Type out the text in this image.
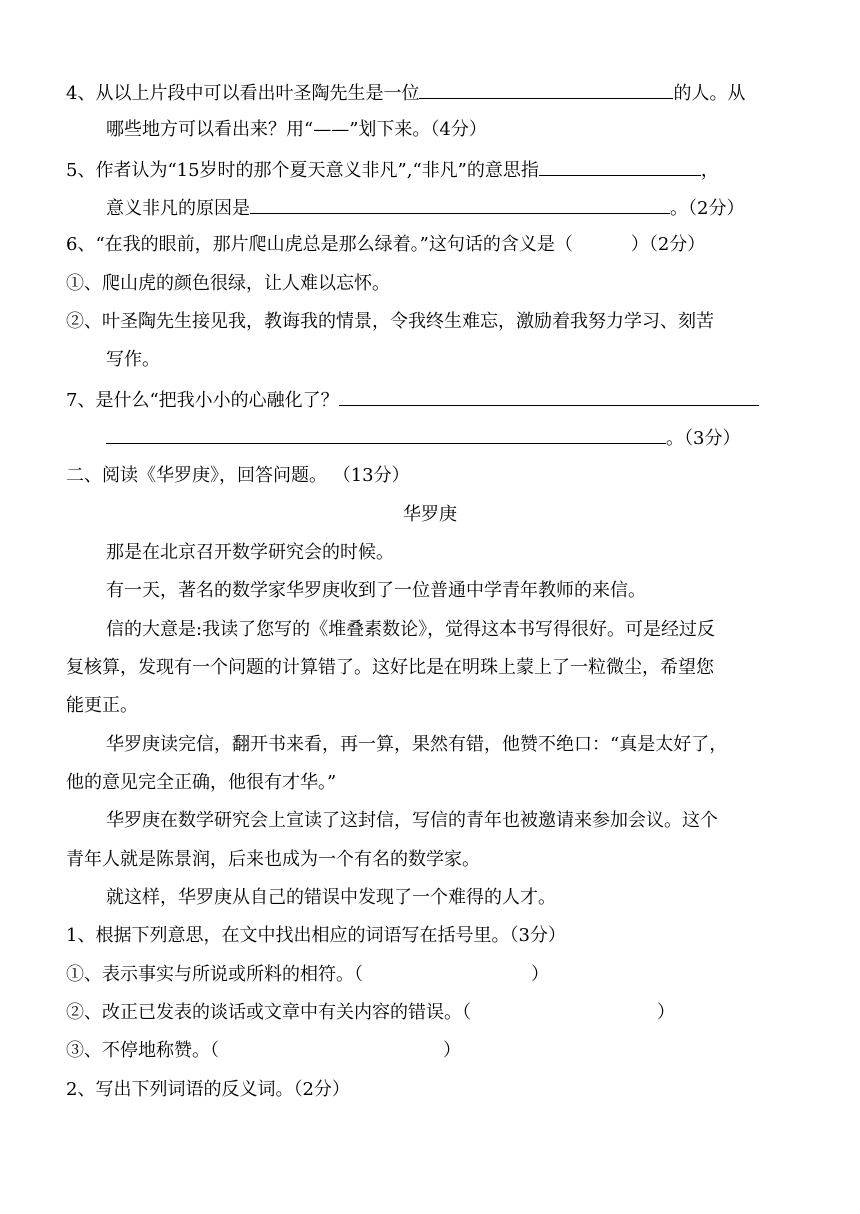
4、从以上片段中可以看出叶圣陶先生是一位	的人。从
哪些地方可以看出来？用“——”划下来。（4分）
5、作者认为“15岁时的那个夏天意义非凡”,“非凡”的意思指	，
意义非凡的原因是	。（2分）
6、“在我的眼前，那片爬山虎总是那么绿着。”这句话的含义是（	）（2分）
①、爬山虎的颜色很绿，让人难以忘怀。
②、叶圣陶先生接见我，教诲我的情景，令我终生难忘，激励着我努力学习、刻苦
写作。
7、是什么“把我小小的心融化了？
。（3分）
二、阅读《华罗庚》，回答问题。 （13分）
华罗庚
那是在北京召开数学研究会的时候。
有一天，著名的数学家华罗庚收到了一位普通中学青年教师的来信。
信的大意是:我读了您写的《堆叠素数论》，觉得这本书写得很好。可是经过反
复核算，发现有一个问题的计算错了。这好比是在明珠上蒙上了一粒微尘，希望您
能更正。
华罗庚读完信，翻开书来看，再一算，果然有错，他赞不绝口：“真是太好了，
他的意见完全正确，他很有才华。”
华罗庚在数学研究会上宣读了这封信，写信的青年也被邀请来参加会议。这个
青年人就是陈景润，后来也成为一个有名的数学家。
就这样，华罗庚从自己的错误中发现了一个难得的人才。
1、根据下列意思，在文中找出相应的词语写在括号里。（3分）
①、表示事实与所说或所料的相符。（	）
②、改正已发表的谈话或文章中有关内容的错误。（	）
③、不停地称赞。（	）
2、写出下列词语的反义词。（2分）
